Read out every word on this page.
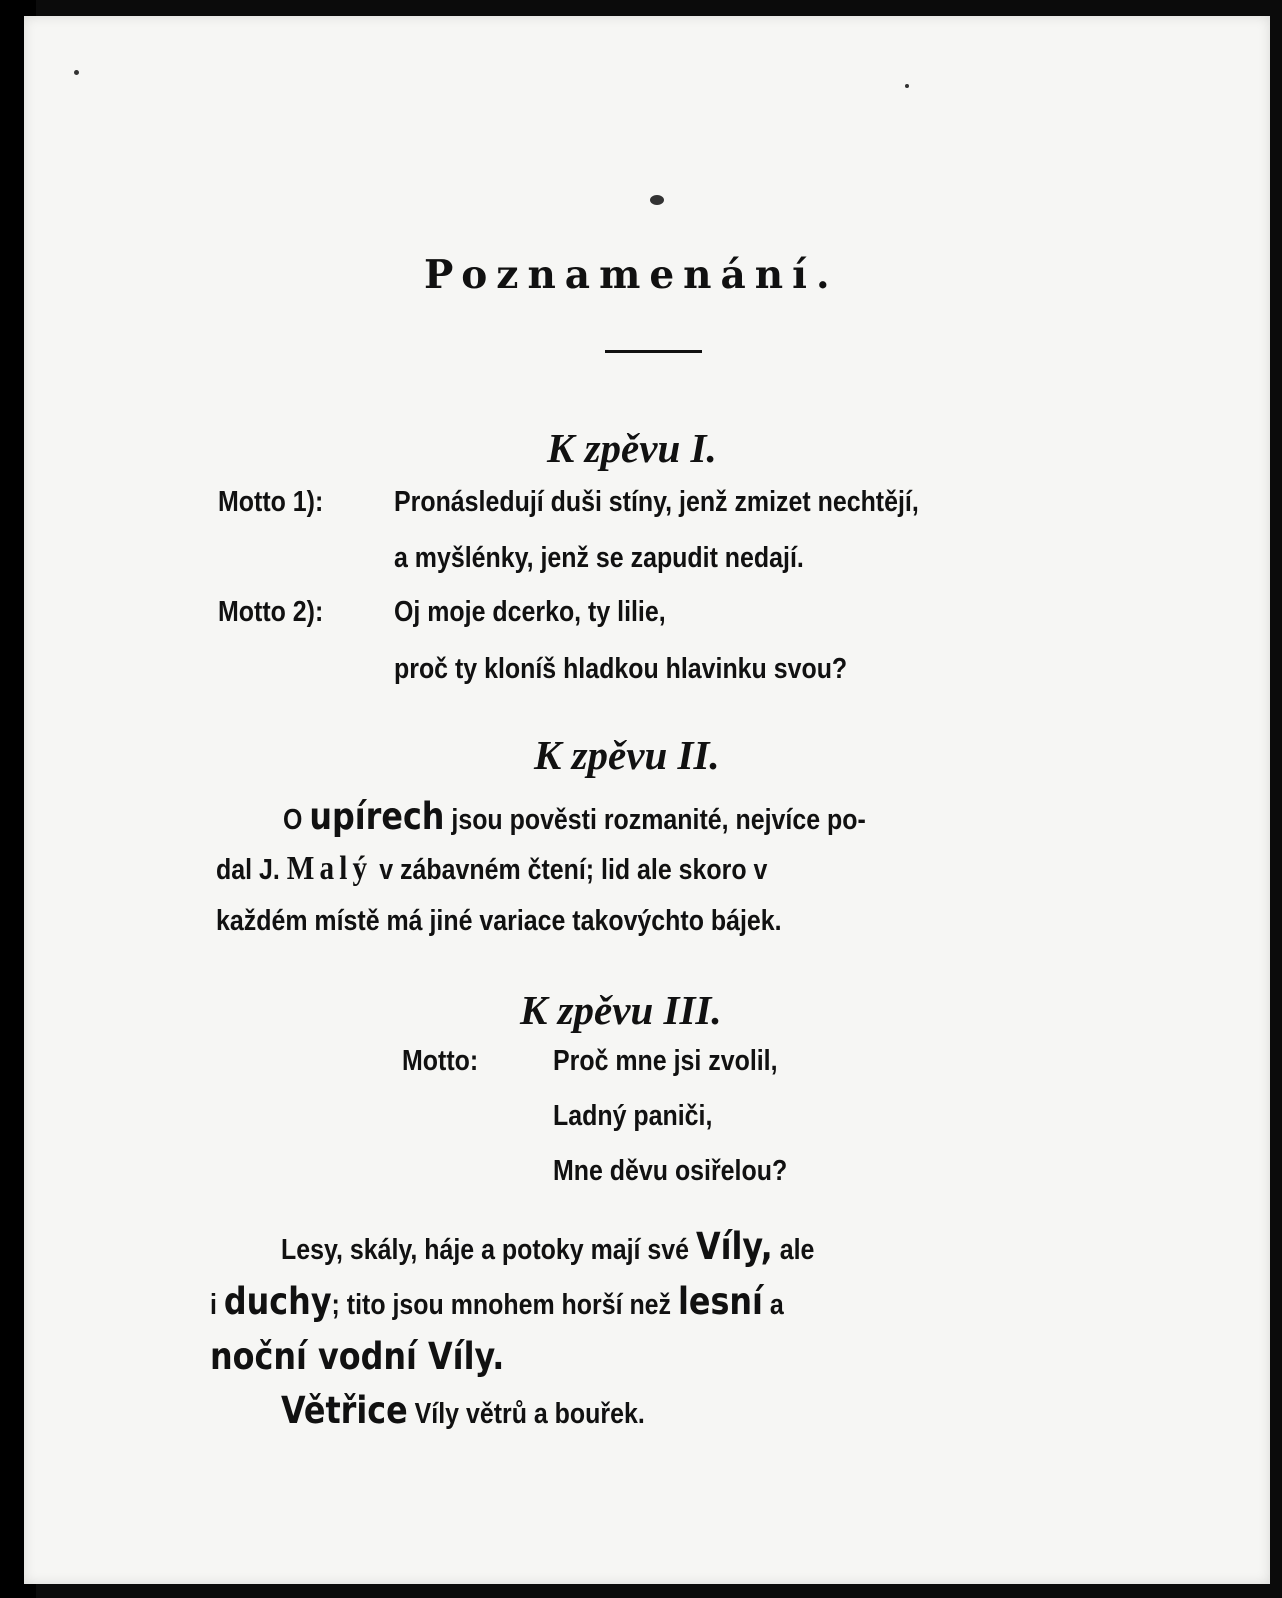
Poznamenání.
K zpěvu I.
Motto 1): Pronásledují duši stíny, jenž zmizet nechtějí,
a myšlénky, jenž se zapudit nedají.
Motto 2): Oj moje dcerko, ty lilie,
proč ty kloníš hladkou hlavinku svou?
K zpěvu II.
O upírech jsou pověsti rozmanité, nejvíce po-
dal J. Malý v zábavném čtení; lid ale skoro v
každém místě má jiné variace takovýchto bájek.
K zpěvu III.
Motto:	Proč mne jsi zvolil,
Ladný paniči,
Mne děvu osiřelou?
Lesy, skály, háje a potoky mají své Víly, ale
i duchy; tito jsou mnohem horší než lesní a
noční vodní Víly.
Větřice Víly větrů a bouřek.
